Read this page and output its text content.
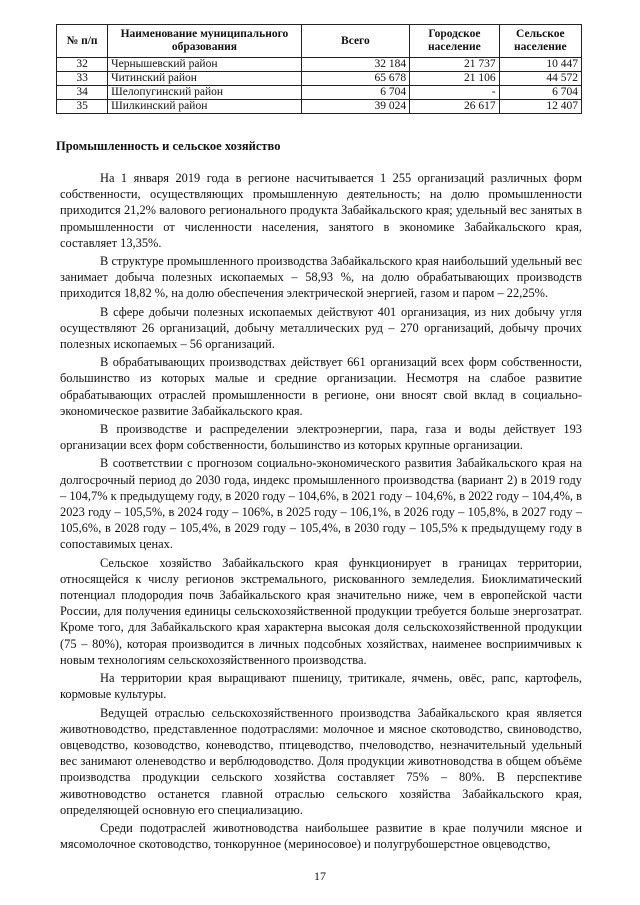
№ п/п	Наименование муниципального образования	Всего	Городское население	Сельское население
32	Чернышевский район	32 184	21 737	10 447
33	Читинский район	65 678	21 106	44 572
34	Шелопугинский район	6 704	-	6 704
35	Шилкинский район	39 024	26 617	12 407
Промышленность и сельское хозяйство

На 1 января 2019 года в регионе насчитывается 1 255 организаций различных форм собственности, осуществляющих промышленную деятельность; на долю промышленности приходится 21,2% валового регионального продукта Забайкальского края; удельный вес занятых в промышленности от численности населения, занятого в экономике Забайкальского края, составляет 13,35%.

В структуре промышленного производства Забайкальского края наибольший удельный вес занимает добыча полезных ископаемых – 58,93 %, на долю обрабатывающих производств приходится 18,82 %, на долю обеспечения электрической энергией, газом и паром – 22,25%.

В сфере добычи полезных ископаемых действуют 401 организация, из них добычу угля осуществляют 26 организаций, добычу металлических руд – 270 организаций, добычу прочих полезных ископаемых – 56 организаций.

В обрабатывающих производствах действует 661 организаций всех форм собственности, большинство из которых малые и средние организации. Несмотря на слабое развитие обрабатывающих отраслей промышленности в регионе, они вносят свой вклад в социально-экономическое развитие Забайкальского края.

В производстве и распределении электроэнергии, пара, газа и воды действует 193 организации всех форм собственности, большинство из которых крупные организации.

В соответствии с прогнозом социально-экономического развития Забайкальского края на долгосрочный период до 2030 года, индекс промышленного производства (вариант 2) в 2019 году – 104,7% к предыдущему году, в 2020 году – 104,6%, в 2021 году – 104,6%, в 2022 году – 104,4%, в 2023 году – 105,5%, в 2024 году – 106%, в 2025 году – 106,1%, в 2026 году – 105,8%, в 2027 году – 105,6%, в 2028 году – 105,4%, в 2029 году – 105,4%, в 2030 году – 105,5% к предыдущему году в сопоставимых ценах.

Сельское хозяйство Забайкальского края функционирует в границах территории, относящейся к числу регионов экстремального, рискованного земледелия. Биоклиматический потенциал плодородия почв Забайкальского края значительно ниже, чем в европейской части России, для получения единицы сельскохозяйственной продукции требуется больше энергозатрат. Кроме того, для Забайкальского края характерна высокая доля сельскохозяйственной продукции (75 – 80%), которая производится в личных подсобных хозяйствах, наименее восприимчивых к новым технологиям сельскохозяйственного производства.

На территории края выращивают пшеницу, тритикале, ячмень, овёс, рапс, картофель, кормовые культуры.

Ведущей отраслью сельскохозяйственного производства Забайкальского края является животноводство, представленное подотраслями: молочное и мясное скотоводство, свиноводство, овцеводство, козоводство, коневодство, птицеводство, пчеловодство, незначительный удельный вес занимают оленеводство и верблюдоводство. Доля продукции животноводства в общем объёме производства продукции сельского хозяйства составляет 75% – 80%. В перспективе животноводство останется главной отраслью сельского хозяйства Забайкальского края, определяющей основную его специализацию.

Среди подотраслей животноводства наибольшее развитие в крае получили мясное и мясомолочное скотоводство, тонкорунное (мериносовое) и полугрубошерстное овцеводство,

17
